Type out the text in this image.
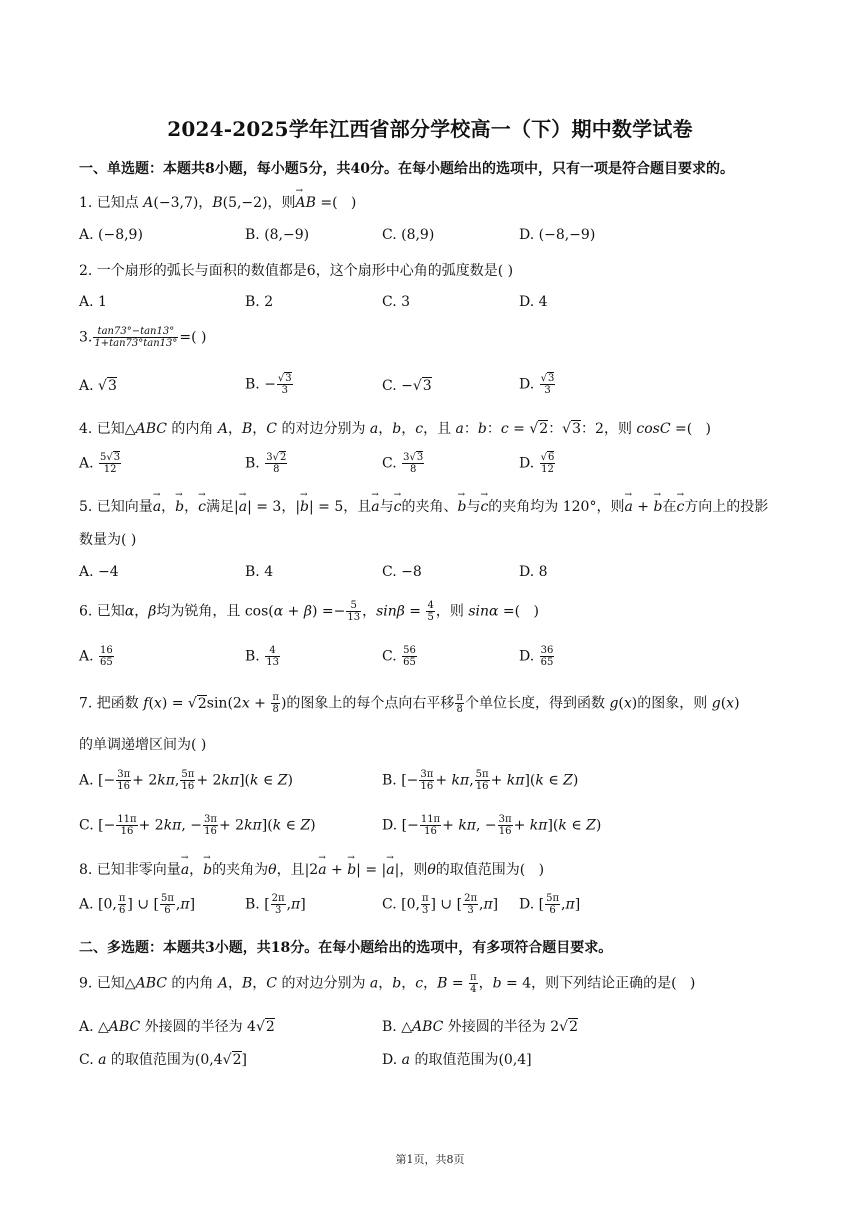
2024-2025学年江西省部分学校高一（下）期中数学试卷
一、单选题：本题共8小题，每小题5分，共40分。在每小题给出的选项中，只有一项是符合题目要求的。
1. 已知点 A(−3,7)，B(5,−2)，则→ AB =(   )
A. (−8,9)	B. (8,−9)	C. (8,9)	D. (−8,−9)
2. 一个扇形的弧长与面积的数值都是6，这个扇形中心角的弧度数是( )
A. 1	B. 2	C. 3	D. 4
3. $\frac{\tan 73^\circ-\tan 13^\circ}{1+\tan 73^\circ\tan 13^\circ}$ =( )
A. √3	B. − $\frac{√3}{3}$	C. −√3	D. $\frac{√3}{3}$
4. 已知△ABC 的内角 A，B，C 的对边分别为 a，b，c，且 a：b：c = √2：√3：2，则 cosC =(   )
A. $\frac{5√3}{12}$	B. $\frac{3√2}{8}$	C. $\frac{3√3}{8}$	D. $\frac{√6}{12}$
5. 已知向量→ a，→ b，→ c满足|→ a| = 3，|→ b| = 5，且→ a与→ c的夹角、→ b与→ c的夹角均为 120°，则→ a + → b在→ c方向上的投影
数量为( )
A. −4	B. 4	C. −8	D. 8
6. 已知α，β均为锐角，且 $\cos(\alpha + \beta) =- \frac{5}{13}$ ，$\sin\beta = \frac{4}{5}$ ，则 sinα =(   )
A. $\frac{16}{65}$	B. $\frac{4}{13}$	C. $\frac{56}{65}$	D. $\frac{36}{65}$
7. 把函数 $f(x) = √2\sin(2x + \frac{\pi}{8}$ )的图象上的每个点向右平移 $\frac{\pi}{8}$ 个单位长度，得到函数 g(x)的图象，则 g(x)
的单调递增区间为( )
A. [− $\frac{3\pi}{16} + 2k\pi$, $\frac{5\pi}{16} + 2k\pi](k$ ∈ Z)	B. [− $\frac{3\pi}{16} + k\pi$, $\frac{5\pi}{16} + k\pi](k$ ∈ Z)
C. [− $\frac{11\pi}{16} + 2k\pi$, − $\frac{3\pi}{16} + 2k\pi](k$ ∈ Z)	D. [− $\frac{11\pi}{16} + k\pi$, − $\frac{3\pi}{16} + k\pi](k$ ∈ Z)
8. 已知非零向量→ a，→ b的夹角为θ，且|2→ a + → b| = |→ a|，则θ的取值范围为(   )
A. [0, $\frac{\pi}{6}$ ] ∪ [ $\frac{5\pi}{6} ,\pi$]	B. [ $\frac{2\pi}{3} ,\pi$]	C. [0, $\frac{\pi}{3}$ ] ∪ [ $\frac{2\pi}{3} ,\pi$] D. [ $\frac{5\pi}{6} ,\pi$]
二、多选题：本题共3小题，共18分。在每小题给出的选项中，有多项符合题目要求。
9. 已知△ABC 的内角 A，B，C 的对边分别为 a，b，c，$B = \frac{\pi}{4}$ ，b = 4，则下列结论正确的是(   )
A. △ABC 外接圆的半径为 4√2	B. △ABC 外接圆的半径为 2√2
C. a 的取值范围为(0,4√2]	D. a 的取值范围为(0,4]
第1页，共8页
